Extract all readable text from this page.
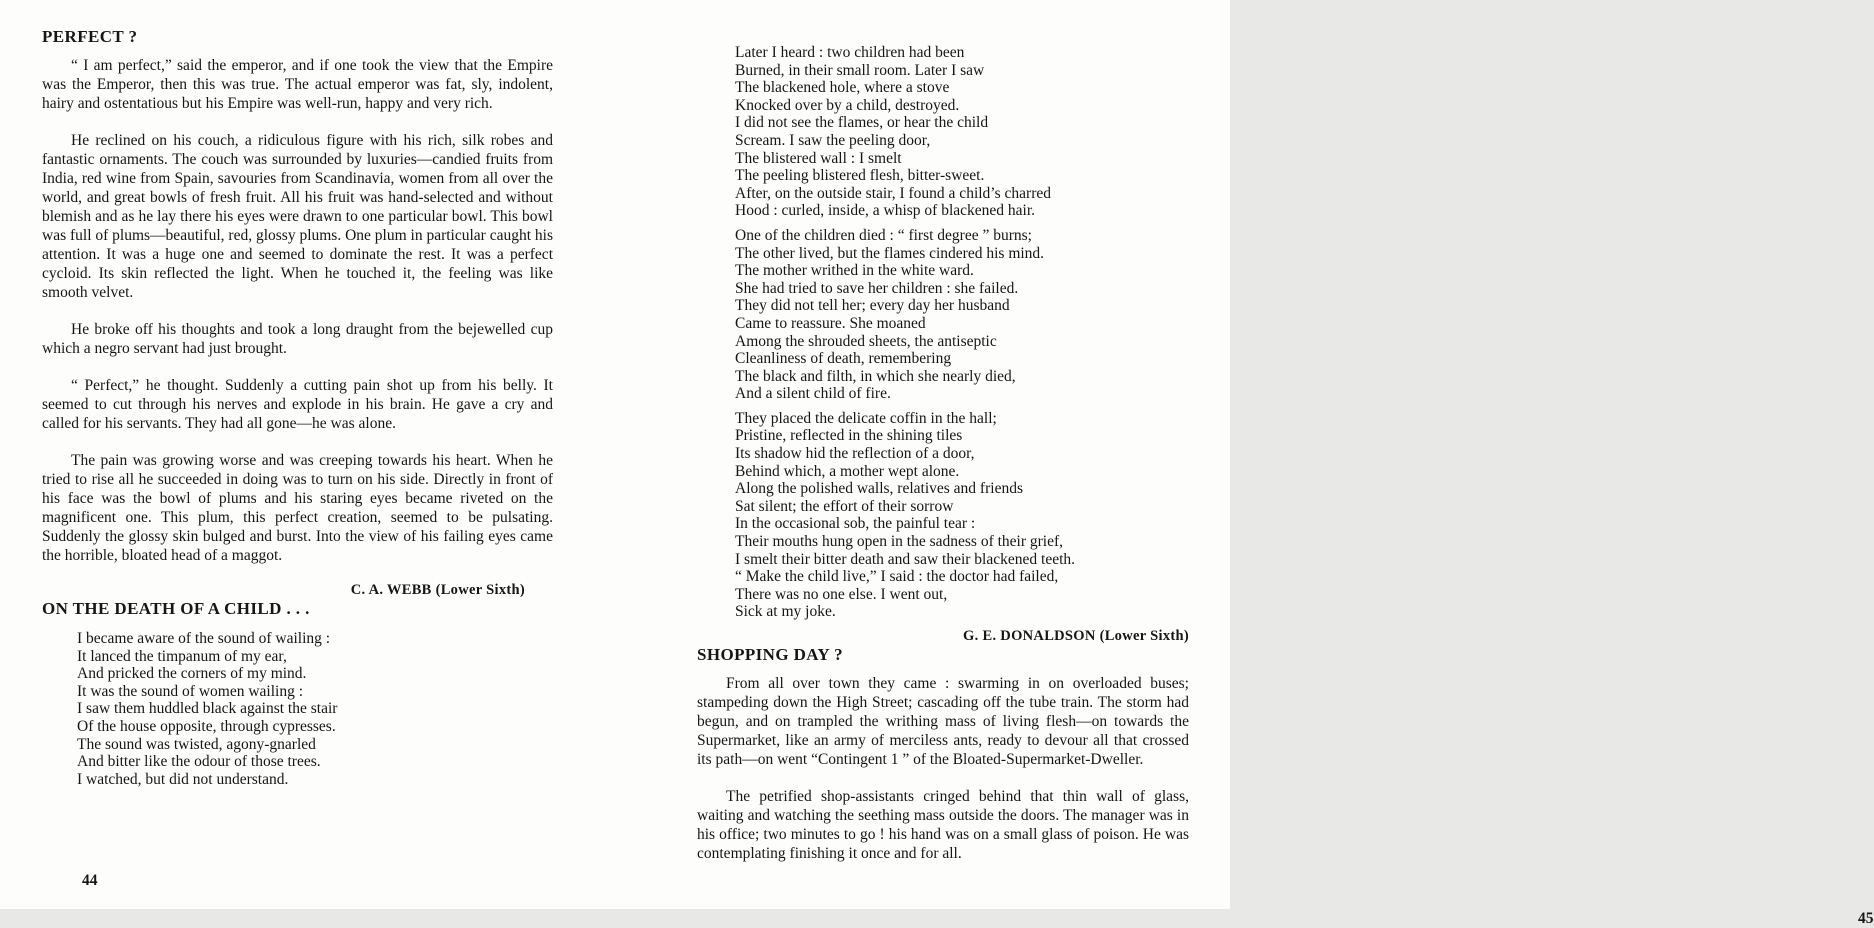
PERFECT ?

“ I am perfect,” said the emperor, and if one took the view that the Empire was the Emperor, then this was true. The actual emperor was fat, sly, indolent, hairy and ostentatious but his Empire was well-run, happy and very rich.

He reclined on his couch, a ridiculous figure with his rich, silk robes and fantastic ornaments. The couch was surrounded by luxuries—candied fruits from India, red wine from Spain, savouries from Scandinavia, women from all over the world, and great bowls of fresh fruit. All his fruit was hand-selected and without blemish and as he lay there his eyes were drawn to one particular bowl. This bowl was full of plums—beautiful, red, glossy plums. One plum in particular caught his attention. It was a huge one and seemed to dominate the rest. It was a perfect cycloid. Its skin reflected the light. When he touched it, the feeling was like smooth velvet.

He broke off his thoughts and took a long draught from the bejewelled cup which a negro servant had just brought.

“ Perfect,” he thought. Suddenly a cutting pain shot up from his belly. It seemed to cut through his nerves and explode in his brain. He gave a cry and called for his servants. They had all gone—he was alone.

The pain was growing worse and was creeping towards his heart. When he tried to rise all he succeeded in doing was to turn on his side. Directly in front of his face was the bowl of plums and his staring eyes became riveted on the magnificent one. This plum, this perfect creation, seemed to be pulsating. Suddenly the glossy skin bulged and burst. Into the view of his failing eyes came the horrible, bloated head of a maggot.

C. A. WEBB (Lower Sixth)
ON THE DEATH OF A CHILD . . .
I became aware of the sound of wailing :
It lanced the timpanum of my ear,
And pricked the corners of my mind.
It was the sound of women wailing :
I saw them huddled black against the stair
Of the house opposite, through cypresses.
The sound was twisted, agony-gnarled
And bitter like the odour of those trees.
I watched, but did not understand.
44
Later I heard : two children had been
Burned, in their small room. Later I saw
The blackened hole, where a stove
Knocked over by a child, destroyed.
I did not see the flames, or hear the child
Scream. I saw the peeling door,
The blistered wall : I smelt
The peeling blistered flesh, bitter-sweet.
After, on the outside stair, I found a child’s charred
Hood : curled, inside, a whisp of blackened hair.
One of the children died : “ first degree ” burns;
The other lived, but the flames cindered his mind.
The mother writhed in the white ward.
She had tried to save her children : she failed.
They did not tell her; every day her husband
Came to reassure. She moaned
Among the shrouded sheets, the antiseptic
Cleanliness of death, remembering
The black and filth, in which she nearly died,
And a silent child of fire.
They placed the delicate coffin in the hall;
Pristine, reflected in the shining tiles
Its shadow hid the reflection of a door,
Behind which, a mother wept alone.
Along the polished walls, relatives and friends
Sat silent; the effort of their sorrow
In the occasional sob, the painful tear :
Their mouths hung open in the sadness of their grief,
I smelt their bitter death and saw their blackened teeth.
“ Make the child live,” I said : the doctor had failed,
There was no one else. I went out,
Sick at my joke.
G. E. DONALDSON (Lower Sixth)
SHOPPING DAY ?

From all over town they came : swarming in on overloaded buses; stampeding down the High Street; cascading off the tube train. The storm had begun, and on trampled the writhing mass of living flesh—on towards the Supermarket, like an army of merciless ants, ready to devour all that crossed its path—on went “Contingent 1 ” of the Bloated-Supermarket-Dweller.

The petrified shop-assistants cringed behind that thin wall of glass, waiting and watching the seething mass outside the doors. The manager was in his office; two minutes to go ! his hand was on a small glass of poison. He was contemplating finishing it once and for all.

45
